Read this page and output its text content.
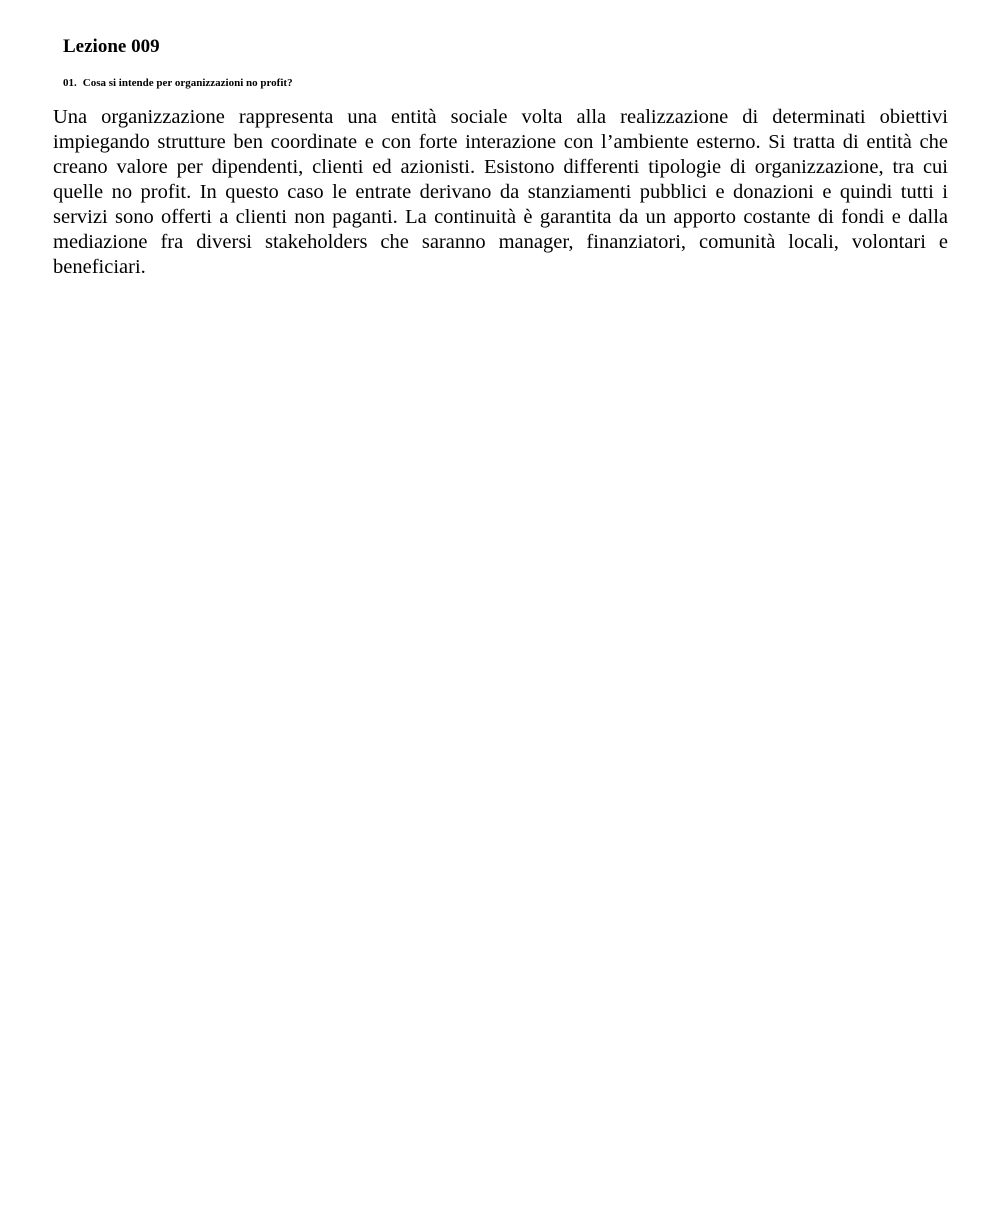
Lezione 009
01. Cosa si intende per organizzazioni no profit?

Una organizzazione rappresenta una entità sociale volta alla realizzazione di determinati obiettivi impiegando strutture ben coordinate e con forte interazione con l’ambiente esterno. Si tratta di entità che creano valore per dipendenti, clienti ed azionisti. Esistono differenti tipologie di organizzazione, tra cui quelle no profit. In questo caso le entrate derivano da stanziamenti pubblici e donazioni e quindi tutti i servizi sono offerti a clienti non paganti. La continuità è garantita da un apporto costante di fondi e dalla mediazione fra diversi stakeholders che saranno manager, finanziatori, comunità locali, volontari e beneficiari.
